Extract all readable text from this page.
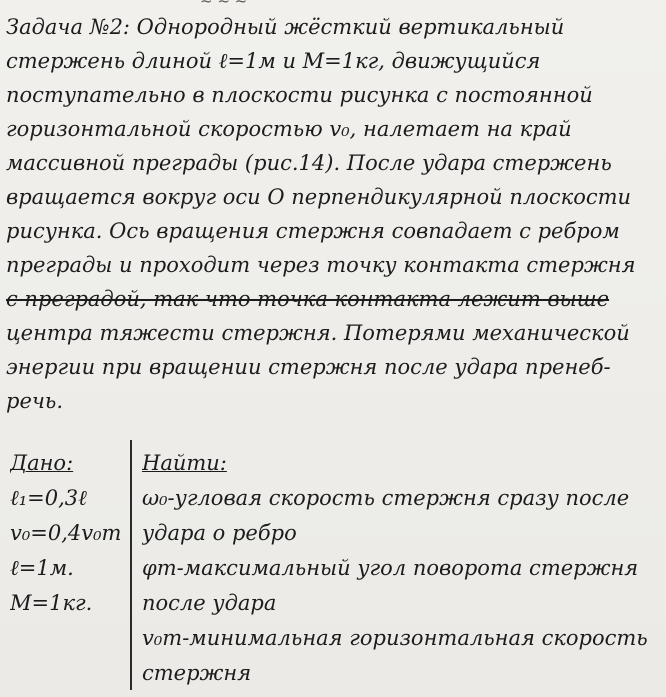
~ ~ ~
Задача №2: Однородный жёсткий вертикальный
стержень длиной ℓ=1м и M=1кг, движущийся
поступательно в плоскости рисунка с постоянной
горизонтальной скоростью v₀, налетает на край
массивной преграды (рис.14). После удара стержень
вращается вокруг оси O перпендикулярной плоскости
рисунка. Ось вращения стержня совпадает с ребром
преграды и проходит через точку контакта стержня
с преградой, так что точка контакта лежит выше
центра тяжести стержня. Потерями механической
энергии при вращении стержня после удара пренеб-
речь.
Дано:
ℓ₁=0,3ℓ
v₀=0,4v₀m
ℓ=1м.
M=1кг.
Найти:
ω₀-угловая скорость стержня сразу после
удара о ребро
φm-максимальный угол поворота стержня
после удара
v₀m-минимальная горизонтальная скорость
стержня
